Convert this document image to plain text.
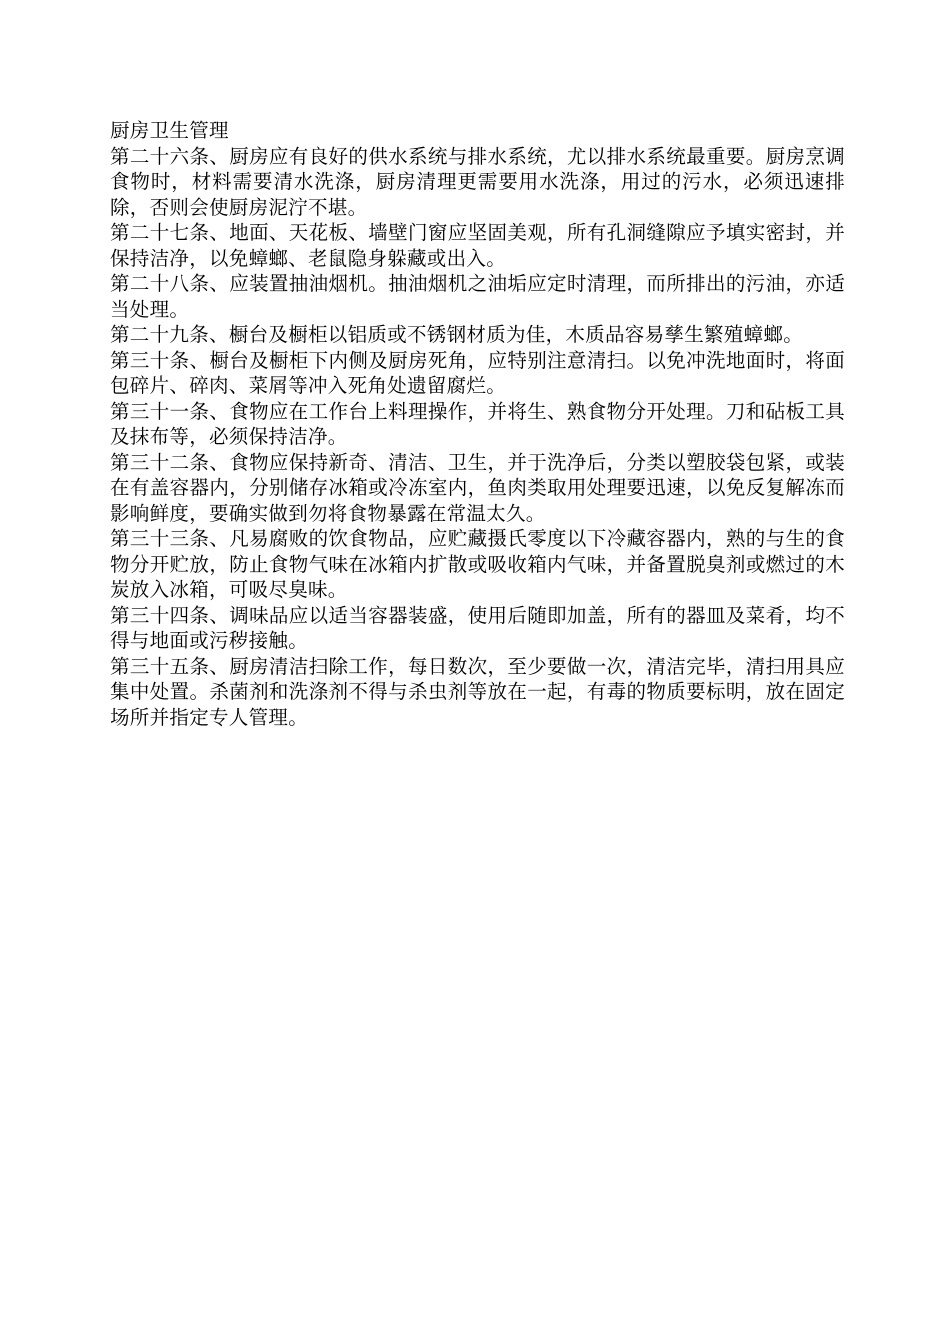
厨房卫生管理

第二十六条、厨房应有良好的供水系统与排水系统，尤以排水系统最重要。厨房烹调食物时，材料需要清水洗涤，厨房清理更需要用水洗涤，用过的污水，必须迅速排除，否则会使厨房泥泞不堪。

第二十七条、地面、天花板、墙壁门窗应坚固美观，所有孔洞缝隙应予填实密封，并保持洁净，以免蟑螂、老鼠隐身躲藏或出入。

第二十八条、应装置抽油烟机。抽油烟机之油垢应定时清理，而所排出的污油，亦适当处理。

第二十九条、橱台及橱柜以铝质或不锈钢材质为佳，木质品容易孳生繁殖蟑螂。

第三十条、橱台及橱柜下内侧及厨房死角，应特别注意清扫。以免冲洗地面时，将面包碎片、碎肉、菜屑等冲入死角处遗留腐烂。

第三十一条、食物应在工作台上料理操作，并将生、熟食物分开处理。刀和砧板工具及抹布等，必须保持洁净。

第三十二条、食物应保持新奇、清洁、卫生，并于洗净后，分类以塑胶袋包紧，或装在有盖容器内，分别储存冰箱或冷冻室内，鱼肉类取用处理要迅速，以免反复解冻而影响鲜度，要确实做到勿将食物暴露在常温太久。

第三十三条、凡易腐败的饮食物品，应贮藏摄氏零度以下冷藏容器内，熟的与生的食物分开贮放，防止食物气味在冰箱内扩散或吸收箱内气味，并备置脱臭剂或燃过的木炭放入冰箱，可吸尽臭味。

第三十四条、调味品应以适当容器装盛，使用后随即加盖，所有的器皿及菜肴，均不得与地面或污秽接触。

第三十五条、厨房清洁扫除工作，每日数次，至少要做一次，清洁完毕，清扫用具应集中处置。杀菌剂和洗涤剂不得与杀虫剂等放在一起，有毒的物质要标明，放在固定场所并指定专人管理。
